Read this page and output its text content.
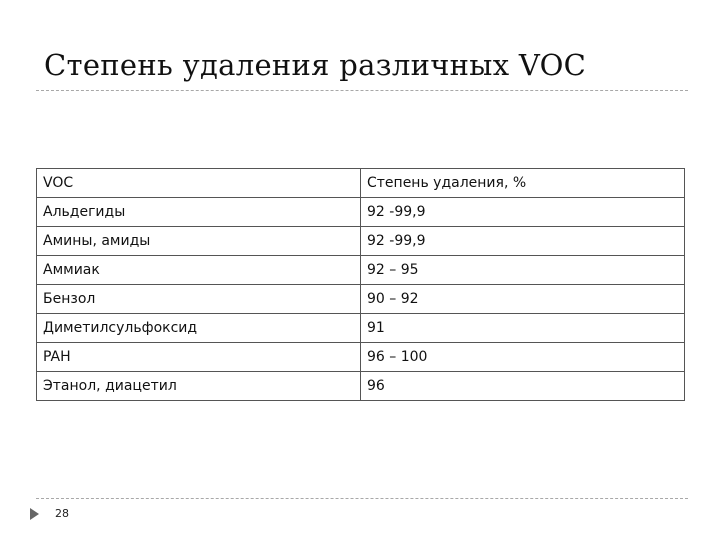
Степень удаления различных VOC
VOC	Степень удаления, %
Альдегиды	92 -99,9
Амины, амиды	92 -99,9
Аммиак	92 – 95
Бензол	90 – 92
Диметилсульфоксид	91
PAH	96 – 100
Этанол, диацетил	96
28
